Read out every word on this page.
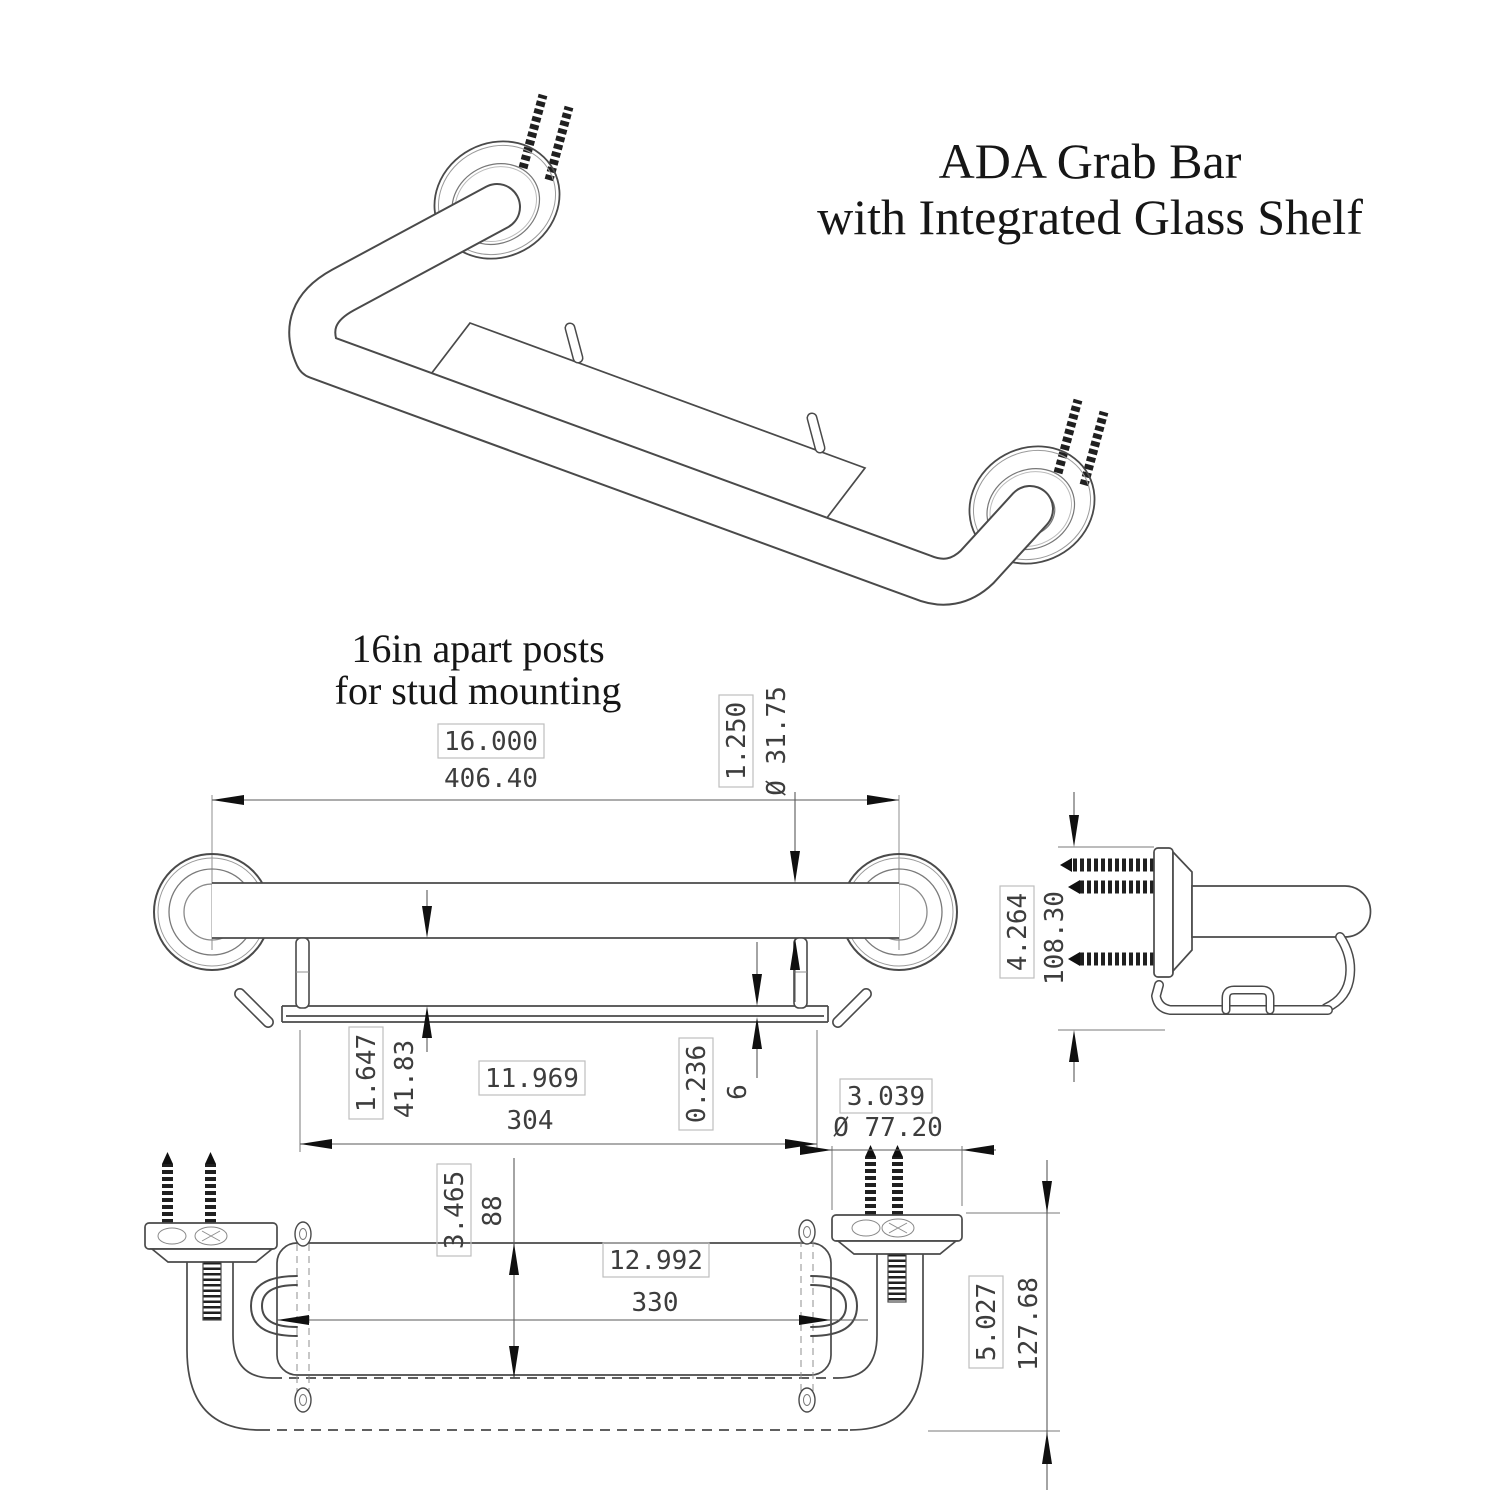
ADA Grab Bar
with Integrated Glass Shelf
16in apart posts
for stud mounting
16.000
406.40	1.250 Ø 31.75
1.647 41.83	11.969
304	0.236 6
4.264 108.30
3.465 88
12.992
330
3.039
Ø 77.20
5.027 127.68
